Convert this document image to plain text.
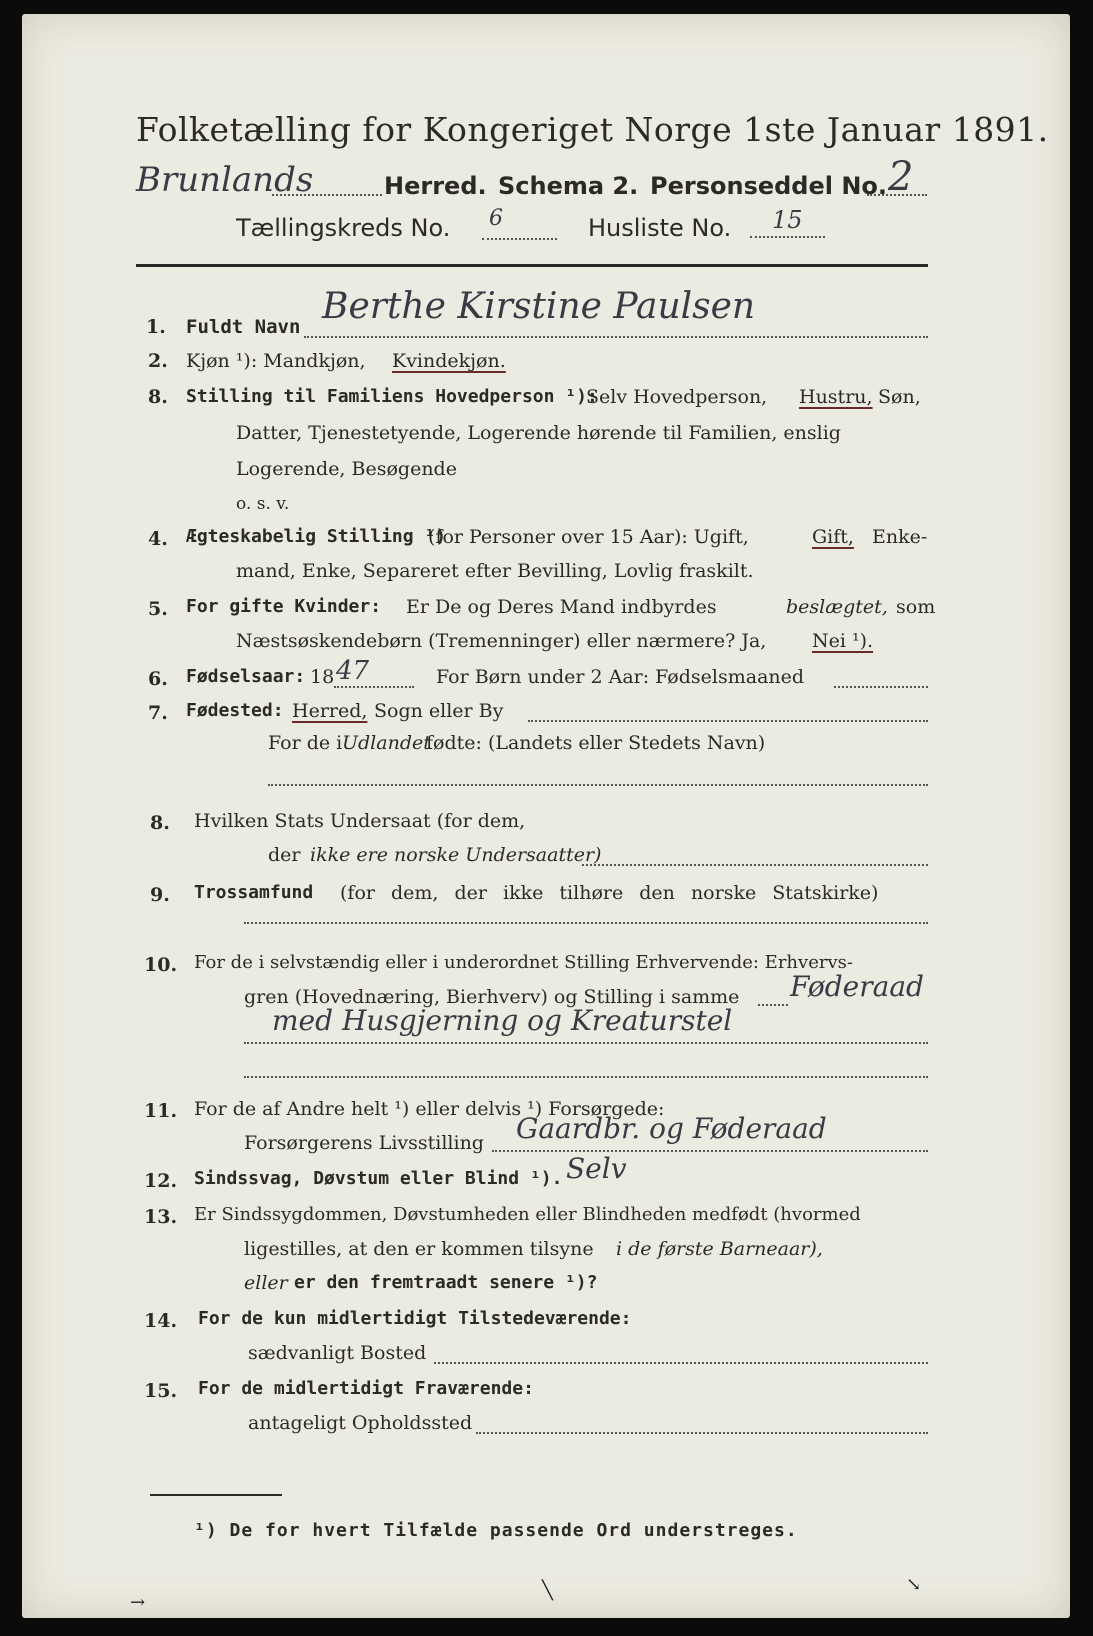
Folketælling for Kongeriget Norge 1ste Januar 1891.
Brunlands	Herred. Schema 2. Personseddel No. 2
Tællingskreds No. 6	Husliste No. 15
1. Fuldt Navn Berthe Kirstine Paulsen
2. Kjøn ¹): Mandkjøn, Kvindekjøn.
8. Stilling til Familiens Hovedperson ¹):
Selv Hovedperson, Hustru, Søn,
Datter, Tjenestetyende, Logerende hørende til Familien, enslig
Logerende, Besøgende
o. s. v.
4. Ægteskabelig Stilling ¹)
(for Personer over 15 Aar): Ugift,	Gift, Enke-
mand, Enke, Separeret efter Bevilling, Lovlig fraskilt.
5. For gifte Kvinder: Er De og Deres Mand indbyrdes	beslægtet, som
Næstsøskendebørn (Tremenninger) eller nærmere? Ja, Nei ¹).
6. Fødselsaar: 18 47	For Børn under 2 Aar: Fødselsmaaned
7. Fødested: Herred, Sogn eller By
For de i Udlandet
fødte: (Landets eller Stedets Navn)
8. Hvilken Stats Undersaat (for dem,
der ikke ere norske Undersaatter)
9. Trossamfund (for dem, der ikke tilhøre den norske Statskirke)
10. For de i selvstændig eller i underordnet Stilling Erhvervende: Erhvervs-
gren (Hovednæring, Bierhverv) og Stilling i samme Føderaad
med Husgjerning og Kreaturstel
11. For de af Andre helt ¹) eller delvis ¹) Forsørgede:
Forsørgerens Livsstilling Gaardbr. og Føderaad
12. Sindssvag, Døvstum eller Blind ¹). Selv
13. Er Sindssygdommen, Døvstumheden eller Blindheden medfødt (hvormed
ligestilles, at den er kommen tilsyne i de første Barneaar),
eller er den fremtraadt senere ¹)?
14. For de kun midlertidigt Tilstedeværende:
sædvanligt Bosted
15. For de midlertidigt Fraværende:
antageligt Opholdssted
¹) De for hvert Tilfælde passende Ord understreges.
→
╲	↘
